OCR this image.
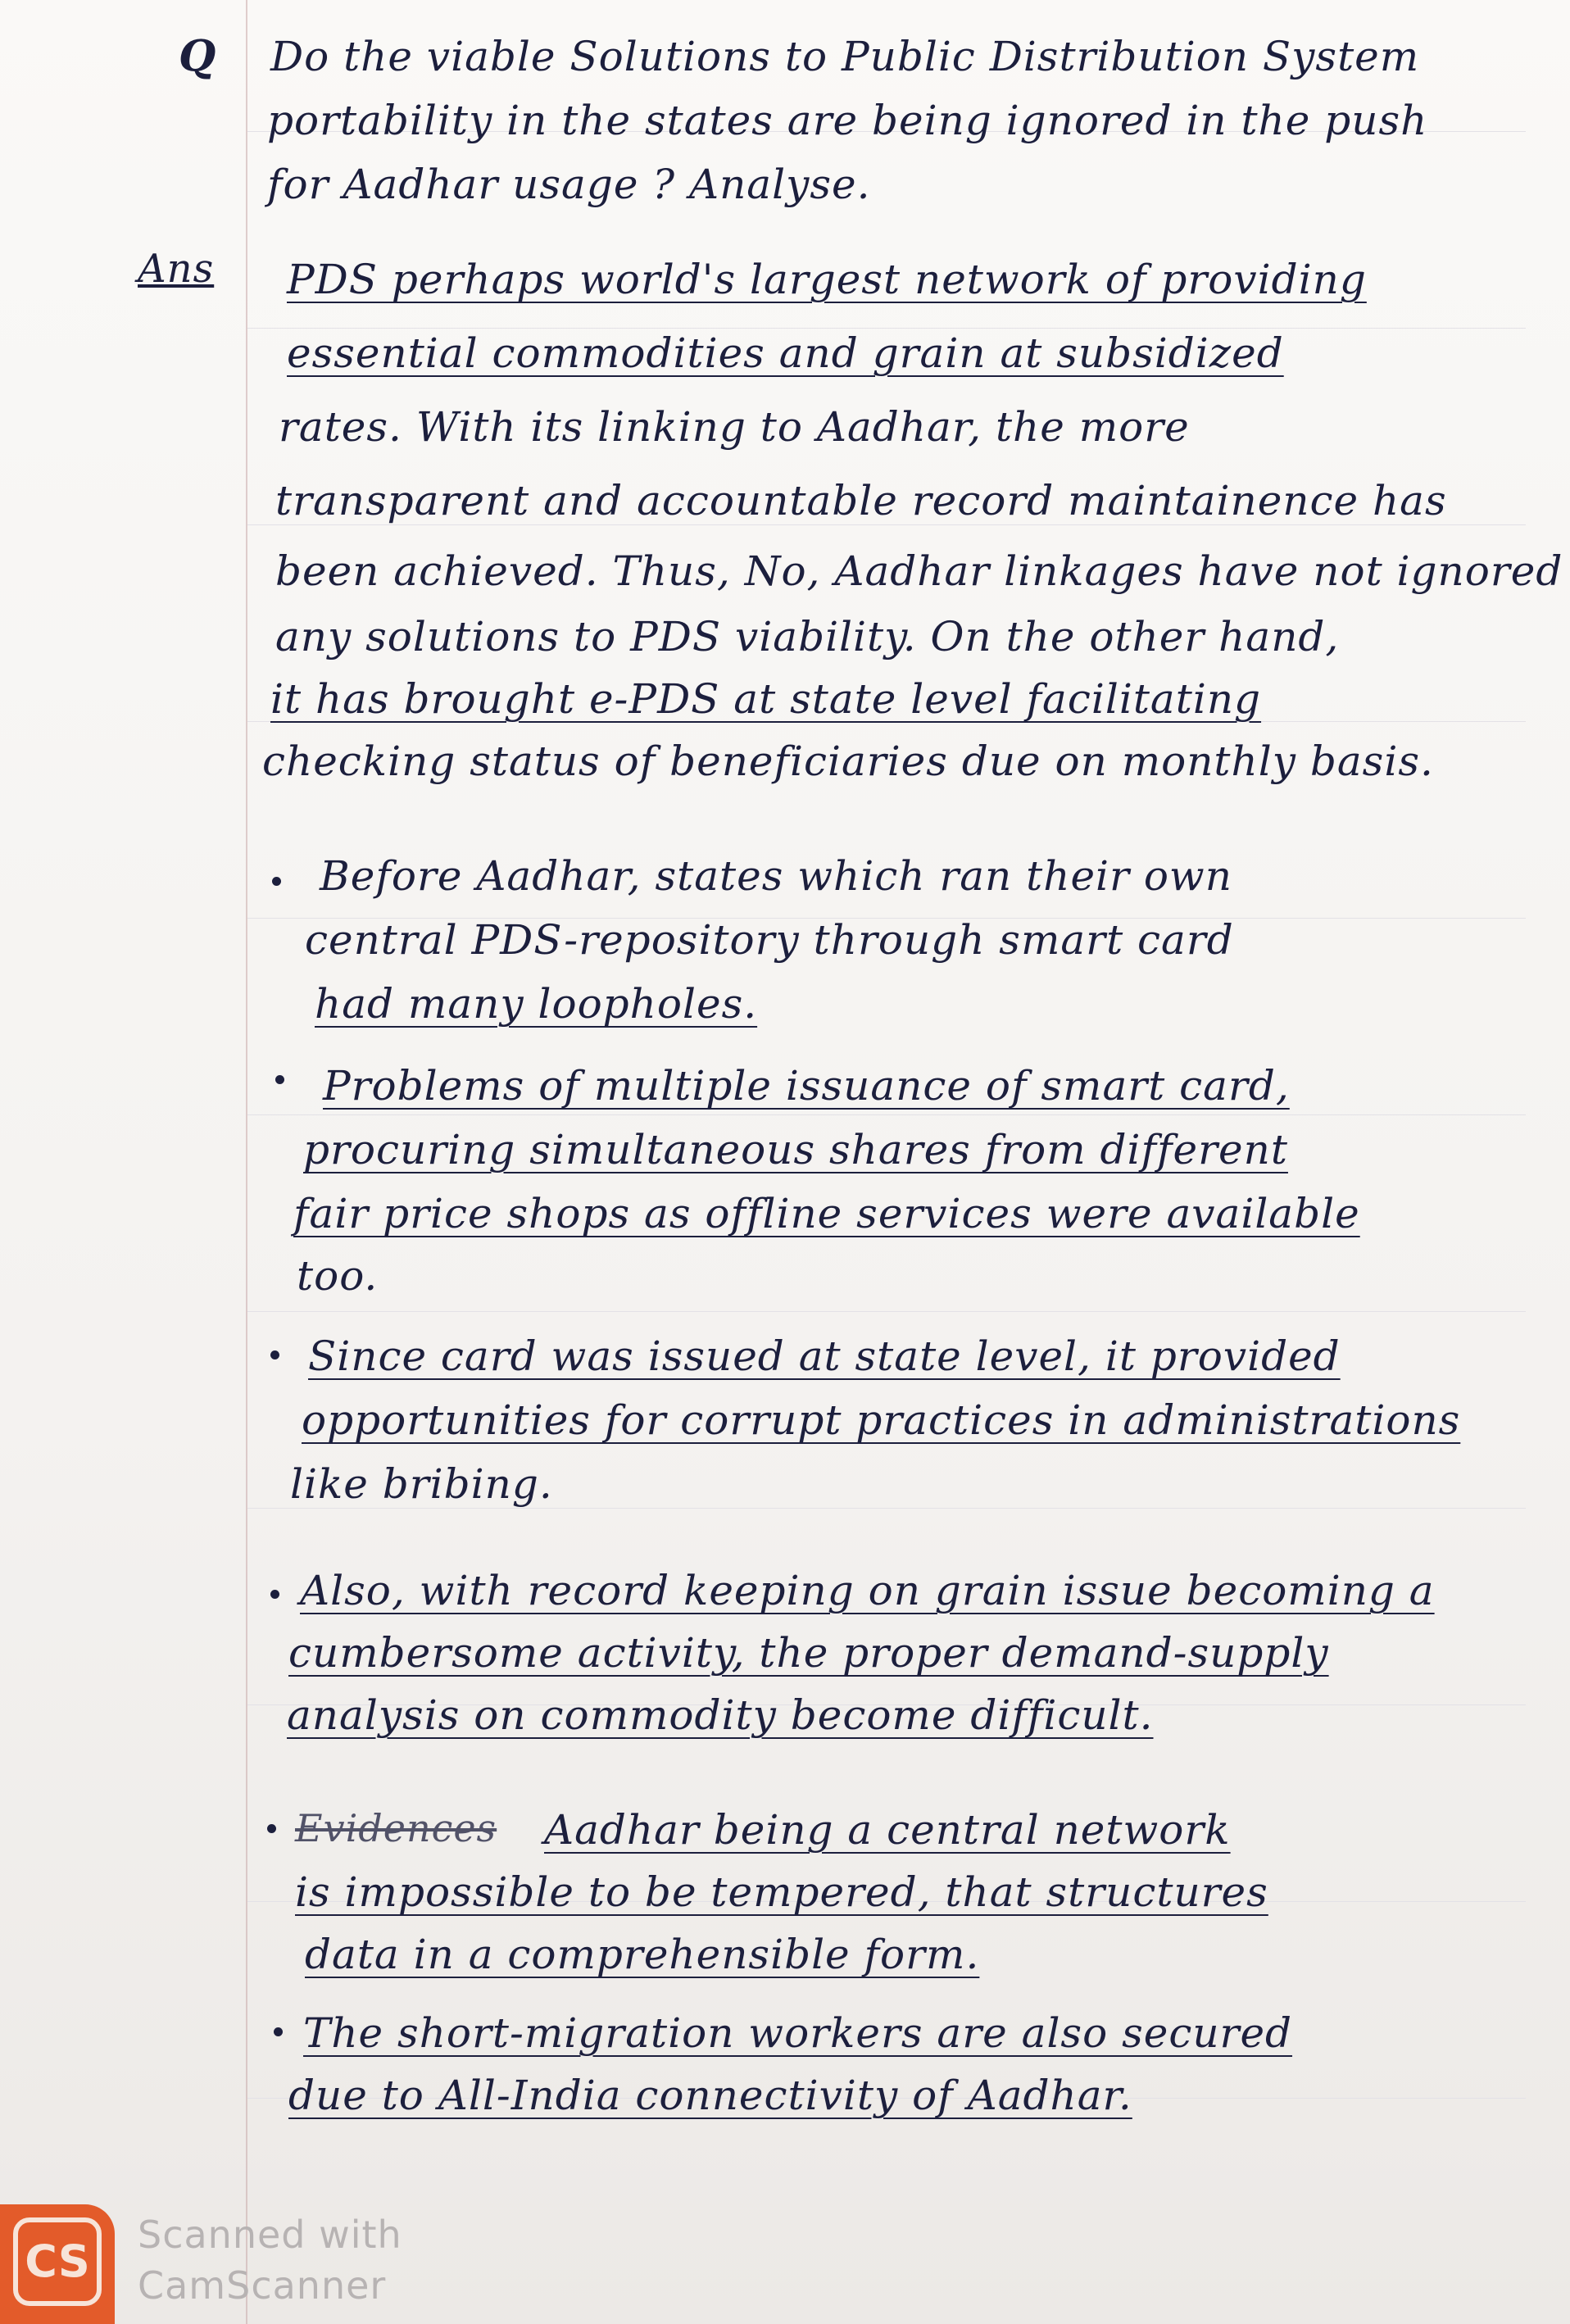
Q Do the viable Solutions to Public Distribution System
portability in the states are being ignored in the push
for Aadhar usage ? Analyse.
Ans PDS perhaps world's largest network of providing
essential commodities and grain at subsidized
rates. With its linking to Aadhar, the more
transparent and accountable record maintainence has
been achieved. Thus, No, Aadhar linkages have not ignored
any solutions to PDS viability. On the other hand,
it has brought e-PDS at state level facilitating
checking status of beneficiaries due on monthly basis.
Before Aadhar, states which ran their own
central PDS-repository through smart card
had many loopholes.
Problems of multiple issuance of smart card,
procuring simultaneous shares from different
fair price shops as offline services were available
too.
Since card was issued at state level, it provided
opportunities for corrupt practices in administrations
like bribing.
Also, with record keeping on grain issue becoming a
cumbersome activity, the proper demand-supply
analysis on commodity become difficult.
Evidences Aadhar being a central network
is impossible to be tempered, that structures
data in a comprehensible form.
The short-migration workers are also secured
due to All-India connectivity of Aadhar.
CS
Scanned with
CamScanner
